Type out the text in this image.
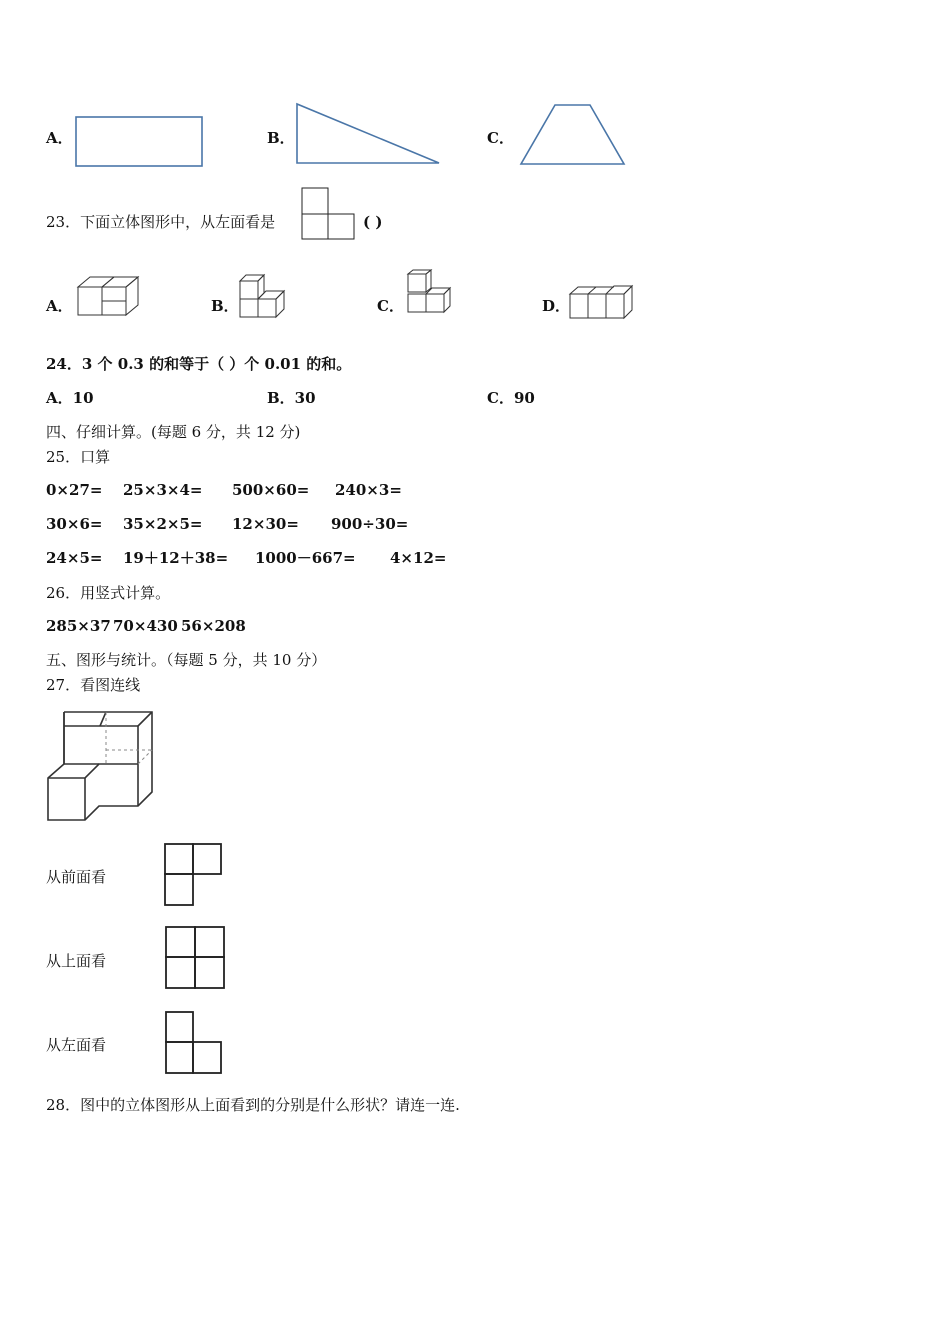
A．	B．	C．
23．下面立体图形中，从左面看是	( )
A．	B．	C．	D．
24．3 个 0.3 的和等于（ ）个 0.01 的和。
A．10	B．30	C．90
四、仔细计算。(每题 6 分，共 12 分)
25．口算
0×27= 25×3×4= 500×60= 240×3=
30×6= 35×2×5= 12×30= 900÷30=
24×5= 19＋12＋38= 1000－667= 4×12=
26．用竖式计算。
285×37 70×430 56×208
五、图形与统计。（每题 5 分，共 10 分）
27．看图连线
从前面看
从上面看
从左面看
28．图中的立体图形从上面看到的分别是什么形状？请连一连.
